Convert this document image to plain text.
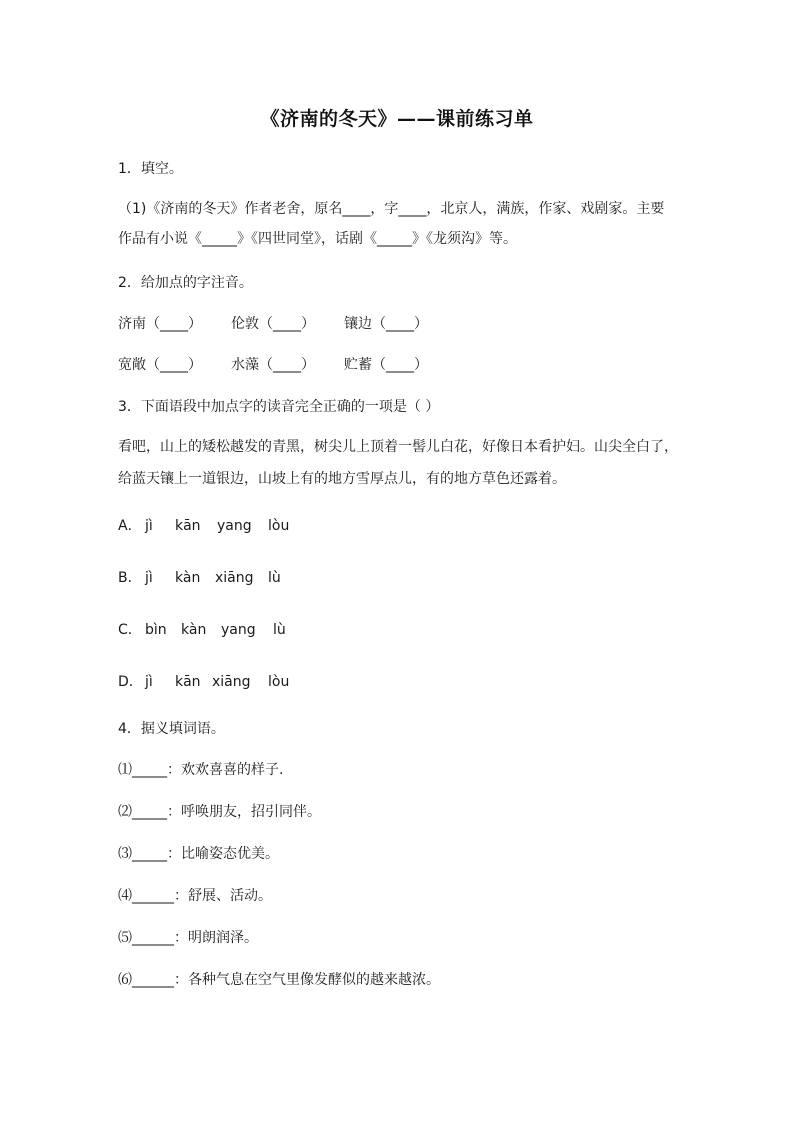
《济南的冬天》——课前练习单
1．填空。
（1)《济南的冬天》作者老舍，原名____，字____，北京人，满族，作家、戏剧家。主要
作品有小说《_____》《四世同堂》，话剧《_____》《龙须沟》等。
2．给加点的字注音。
济南（____） 伦敦（____） 镶边（____）
宽敞（____） 水藻（____） 贮蓄（____）
3．下面语段中加点字的读音完全正确的一项是（ ）
看吧，山上的矮松越发的青黑，树尖儿上顶着一髻儿白花，好像日本看护妇。山尖全白了，
给蓝天镶上一道银边，山坡上有的地方雪厚点儿，有的地方草色还露着。
A． jì kān yang lòu
B． jì kàn xiāng lù
C． bìn kàn yang lù
D． jì kān xiāng lòu
4．据义填词语。
⑴_____：欢欢喜喜的样子.
⑵_____：呼唤朋友，招引同伴。
⑶_____：比喻姿态优美。
⑷______：舒展、活动。
⑸______：明朗润泽。
⑹______：各种气息在空气里像发酵似的越来越浓。
